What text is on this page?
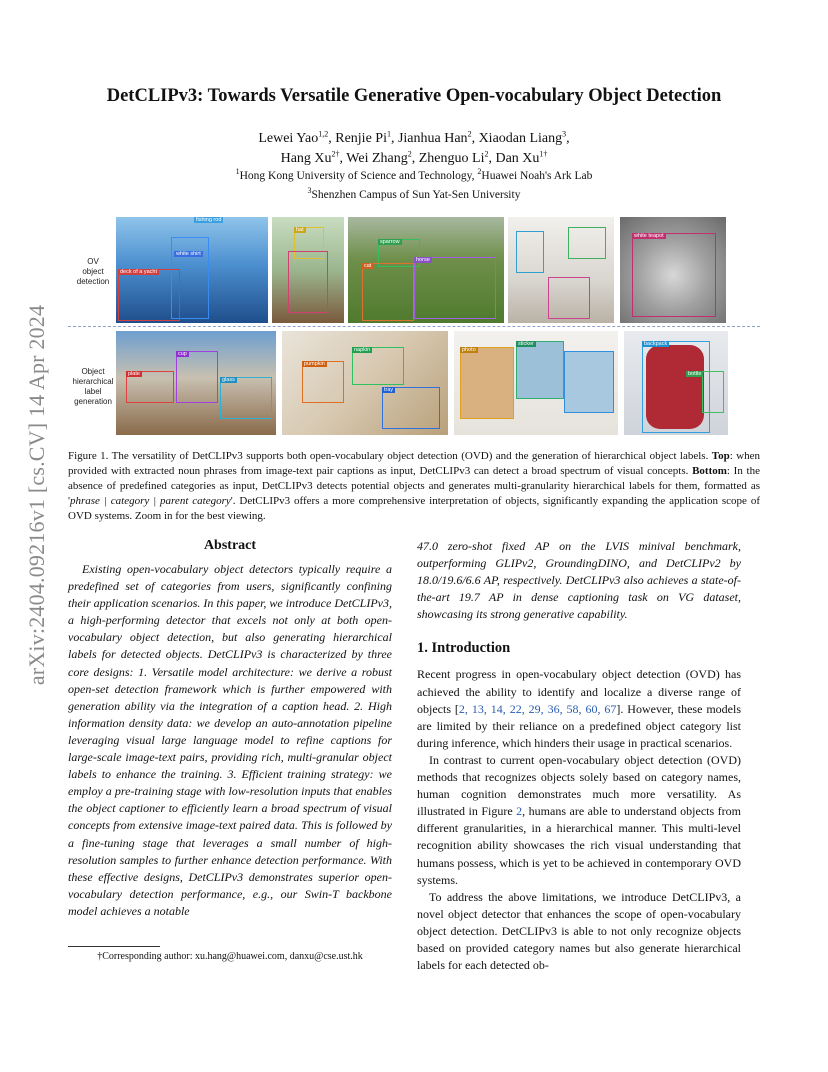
arXiv:2404.09216v1 [cs.CV] 14 Apr 2024
DetCLIPv3: Towards Versatile Generative Open-vocabulary Object Detection
Lewei Yao$^{1,2}$, Renjie Pi$^1$, Jianhua Han$^2$, Xiaodan Liang$^3$,
Hang $Xu^{2\dagger}$, Wei Zhang$^2$, Zhenguo Li$^2$, Dan $Xu^{1\dagger}$
$^1$Hong Kong University of Science and Technology, $^2$Huawei Noah's Ark Lab
$^3$Shenzhen Campus of Sun Yat-Sen University
OV
object
detection
Object
hierarchical
label
generation
fishing rod
deck of a yacht
white shirt
hat
sparrow
horse
cat
white teapot
plate
cup
glass
pumpkin
napkin
tray
photo
sticker	backpack
bottle

Figure 1. The versatility of DetCLIPv3 supports both open-vocabulary object detection (OVD) and the generation of hierarchical object labels. Top: when provided with extracted noun phrases from image-text pair captions as input, DetCLIPv3 can detect a broad spectrum of visual concepts. Bottom: In the absence of predefined categories as input, DetCLIPv3 detects potential objects and generates multi-granularity hierarchical labels for them, formatted as 'phrase | category | parent category'. DetCLIPv3 offers a more comprehensive interpretation of objects, significantly expanding the application scope of OVD systems. Zoom in for the best viewing.

Abstract

Existing open-vocabulary object detectors typically require a predefined set of categories from users, significantly confining their application scenarios. In this paper, we introduce DetCLIPv3, a high-performing detector that excels not only at both open-vocabulary object detection, but also generating hierarchical labels for detected objects. DetCLIPv3 is characterized by three core designs: 1. Versatile model architecture: we derive a robust open-set detection framework which is further empowered with generation ability via the integration of a caption head. 2. High information density data: we develop an auto-annotation pipeline leveraging visual large language model to refine captions for large-scale image-text pairs, providing rich, multi-granular object labels to enhance the training. 3. Efficient training strategy: we employ a pre-training stage with low-resolution inputs that enables the object captioner to efficiently learn a broad spectrum of visual concepts from extensive image-text paired data. This is followed by a fine-tuning stage that leverages a small number of high-resolution samples to further enhance detection performance. With these effective designs, DetCLIPv3 demonstrates superior open-vocabulary detection performance, e.g., our Swin-T backbone model achieves a notable

47.0 zero-shot fixed AP on the LVIS minival benchmark, outperforming GLIPv2, GroundingDINO, and DetCLIPv2 by 18.0/19.6/6.6 AP, respectively. DetCLIPv3 also achieves a state-of-the-art 19.7 AP in dense captioning task on VG dataset, showcasing its strong generative capability.

1. Introduction

Recent progress in open-vocabulary object detection (OVD) has achieved the ability to identify and localize a diverse range of objects [2, 13, 14, 22, 29, 36, 58, 60, 67]. However, these models are limited by their reliance on a predefined object category list during inference, which hinders their usage in practical scenarios.

In contrast to current open-vocabulary object detection (OVD) methods that recognizes objects solely based on category names, human cognition demonstrates much more versatility. As illustrated in Figure 2, humans are able to understand objects from different granularities, in a hierarchical manner. This multi-level recognition ability showcases the rich visual understanding that humans possess, which is yet to be achieved in contemporary OVD systems.

To address the above limitations, we introduce DetCLIPv3, a novel object detector that enhances the scope of open-vocabulary object detection. DetCLIPv3 is able to not only recognize objects based on provided category names but also generate hierarchical labels for each detected ob-

†Corresponding author: xu.hang@huawei.com, danxu@cse.ust.hk
